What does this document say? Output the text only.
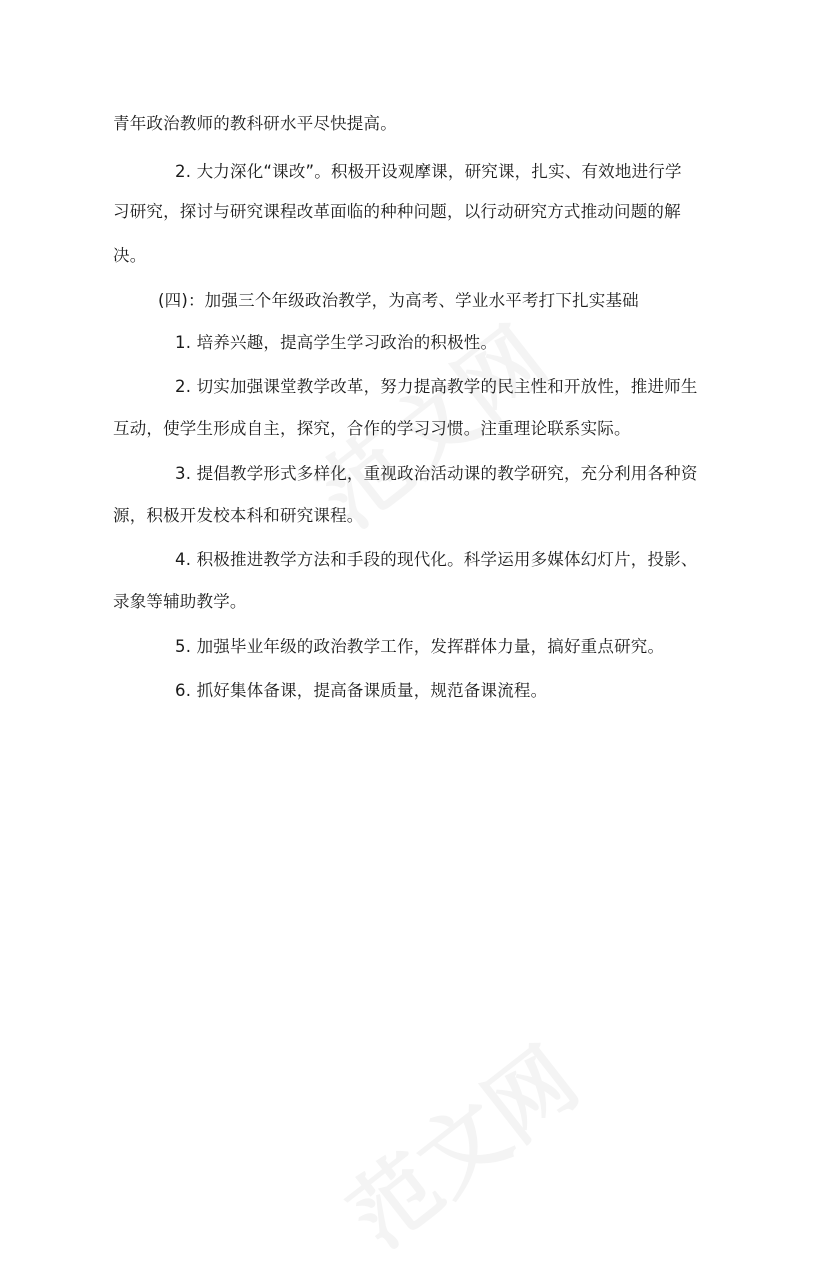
青年政治教师的教科研水平尽快提高。
2. 大力深化“课改”。积极开设观摩课，研究课，扎实、有效地进行学
习研究，探讨与研究课程改革面临的种种问题，以行动研究方式推动问题的解
决。
(四)：加强三个年级政治教学，为高考、学业水平考打下扎实基础
1. 培养兴趣，提高学生学习政治的积极性。
2. 切实加强课堂教学改革，努力提高教学的民主性和开放性，推进师生
互动，使学生形成自主，探究，合作的学习习惯。注重理论联系实际。
3. 提倡教学形式多样化，重视政治活动课的教学研究，充分利用各种资
源，积极开发校本科和研究课程。
4. 积极推进教学方法和手段的现代化。科学运用多媒体幻灯片，投影、
录象等辅助教学。
5. 加强毕业年级的政治教学工作，发挥群体力量，搞好重点研究。
6. 抓好集体备课，提高备课质量，规范备课流程。
